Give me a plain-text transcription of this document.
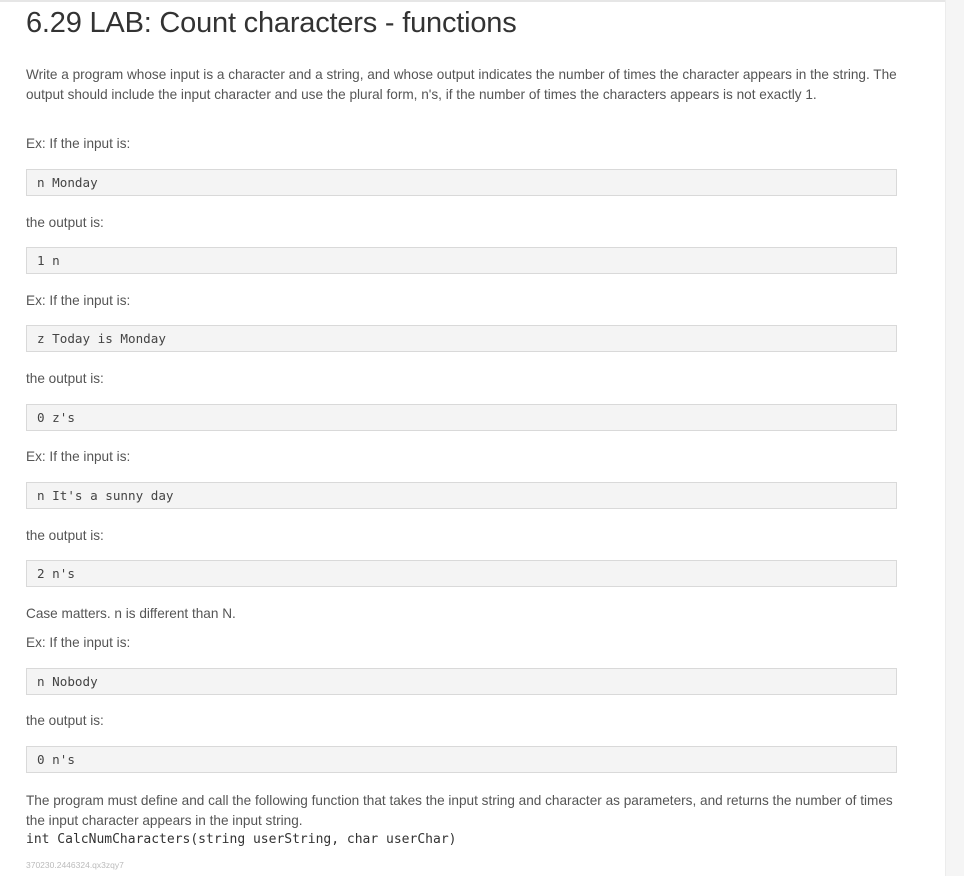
6.29 LAB: Count characters - functions

Write a program whose input is a character and a string, and whose output indicates the number of times the character appears in the string. The output should include the input character and use the plural form, n's, if the number of times the characters appears is not exactly 1.

Ex: If the input is:

n Monday

the output is:

1 n

Ex: If the input is:

z Today is Monday

the output is:

0 z's

Ex: If the input is:

n It's a sunny day

the output is:

2 n's

Case matters. n is different than N.

Ex: If the input is:

n Nobody

the output is:

0 n's

The program must define and call the following function that takes the input string and character as parameters, and returns the number of times the input character appears in the input string.

int CalcNumCharacters(string userString, char userChar)
370230.2446324.qx3zqy7
